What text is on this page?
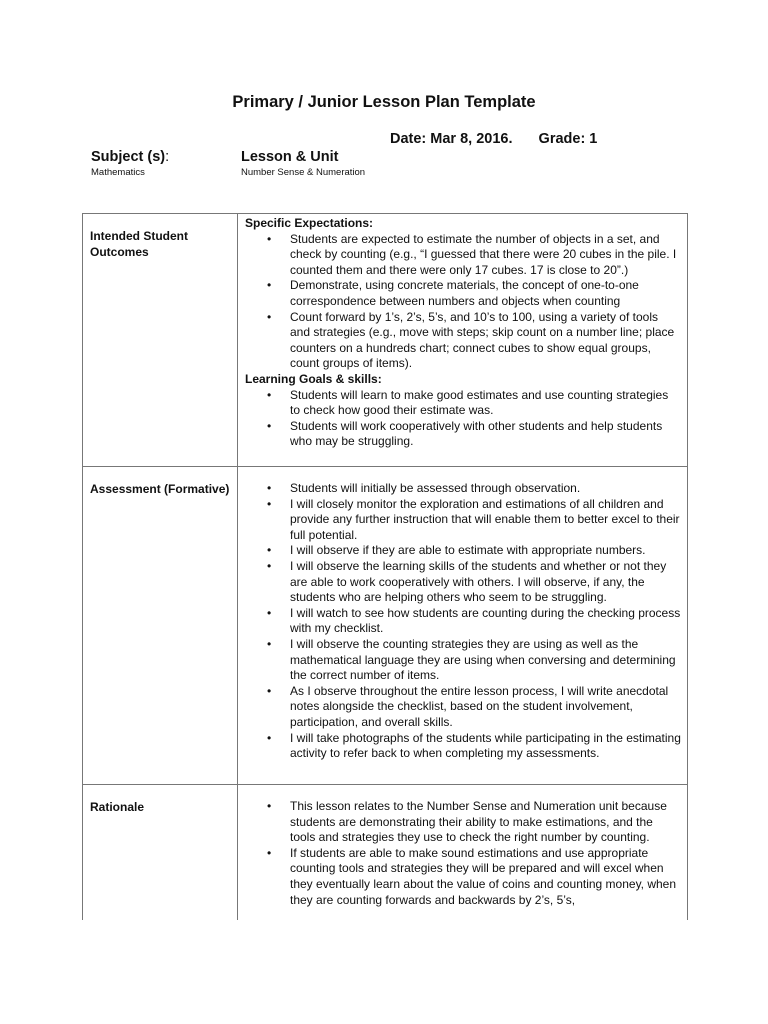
Primary / Junior Lesson Plan Template
Date: Mar 8, 2016. Grade: 1
Subject (s):
Mathematics
Lesson & Unit
Number Sense & Numeration
Intended Student Outcomes
Specific Expectations:
• Students are expected to estimate the number of objects in a set, and check by counting (e.g., “I guessed that there were 20 cubes in the pile. I counted them and there were only 17 cubes. 17 is close to 20”.)
• Demonstrate, using concrete materials, the concept of one-to-one correspondence between numbers and objects when counting
• Count forward by 1’s, 2’s, 5’s, and 10’s to 100, using a variety of tools and strategies (e.g., move with steps; skip count on a number line; place counters on a hundreds chart; connect cubes to show equal groups, count groups of items).
Learning Goals & skills:
• Students will learn to make good estimates and use counting strategies to check how good their estimate was.
• Students will work cooperatively with other students and help students who may be struggling.
Assessment (Formative)	• Students will initially be assessed through observation.
• I will closely monitor the exploration and estimations of all children and provide any further instruction that will enable them to better excel to their full potential.
• I will observe if they are able to estimate with appropriate numbers.
• I will observe the learning skills of the students and whether or not they are able to work cooperatively with others. I will observe, if any, the students who are helping others who seem to be struggling.
• I will watch to see how students are counting during the checking process with my checklist.
• I will observe the counting strategies they are using as well as the mathematical language they are using when conversing and determining the correct number of items.
• As I observe throughout the entire lesson process, I will write anecdotal notes alongside the checklist, based on the student involvement, participation, and overall skills.
• I will take photographs of the students while participating in the estimating activity to refer back to when completing my assessments.
Rationale	• This lesson relates to the Number Sense and Numeration unit because students are demonstrating their ability to make estimations, and the tools and strategies they use to check the right number by counting.
• If students are able to make sound estimations and use appropriate counting tools and strategies they will be prepared and will excel when they eventually learn about the value of coins and counting money, when they are counting forwards and backwards by 2’s, 5’s,
